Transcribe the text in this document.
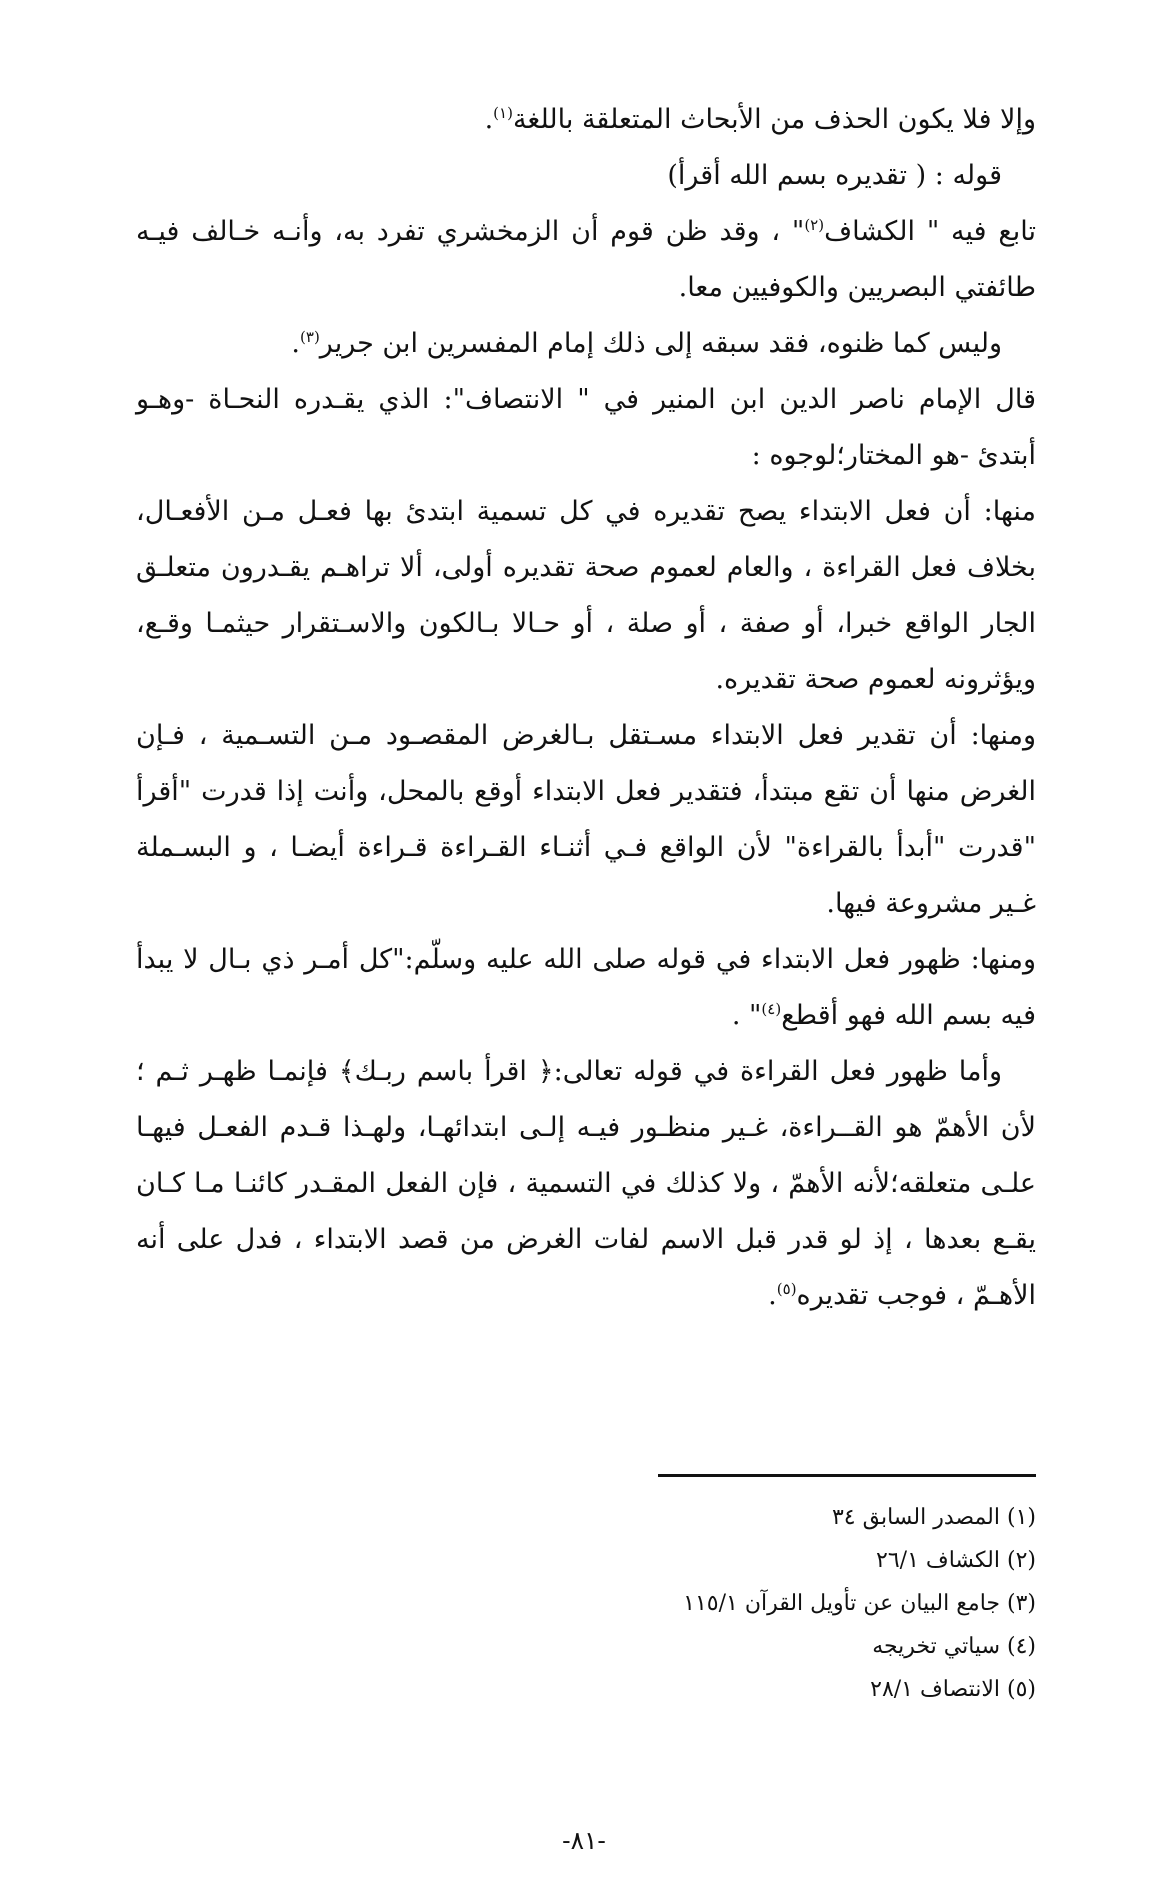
وإلا فلا يكون الحذف من الأبحاث المتعلقة باللغة$^{(١)}$.

قوله : ( تقديره بسم الله أقرأ)

تابع فيه " الكشاف$^{(٢)}$" ، وقد ظن قوم أن الزمخشري تفرد به، وأنـه خـالف فيـه طائفتي البصريين والكوفيين معا.

وليس كما ظنوه، فقد سبقه إلى ذلك إمام المفسرين ابن جرير$^{(٣)}$.

قال الإمام ناصر الدين ابن المنير في " الانتصاف": الذي يقـدره النحـاة -وهـو أبتدئ -هو المختار؛لوجوه :

منها: أن فعل الابتداء يصح تقديره في كل تسمية ابتدئ بها فعـل مـن الأفعـال، بخلاف فعل القراءة ، والعام لعموم صحة تقديره أولى، ألا تراهـم يقـدرون متعلـق الجار الواقع خبرا، أو صفة ، أو صلة ، أو حـالا بـالكون والاسـتقرار حيثمـا وقـع، ويؤثرونه لعموم صحة تقديره.

ومنها: أن تقدير فعل الابتداء مسـتقل بـالغرض المقصـود مـن التسـمية ، فـإن الغرض منها أن تقع مبتدأ، فتقدير فعل الابتداء أوقع بالمحل، وأنت إذا قدرت "أقرأ "قدرت "أبدأ بالقراءة" لأن الواقع فـي أثنـاء القـراءة قـراءة أيضـا ، و البسـملة غـير مشروعة فيها.

ومنها: ظهور فعل الابتداء في قوله صلى الله عليه وسلّم:"كل أمـر ذي بـال لا يبدأ فيه بسم الله فهو أقطع$^{(٤)}$" .

وأما ظهور فعل القراءة في قوله تعالى:﴿ اقرأ باسم ربـك﴾ فإنمـا ظهـر ثـم ؛لأن الأهمّ هو القــراءة، غـير منظـور فيـه إلـى ابتدائهـا، ولهـذا قـدم الفعـل فيهـا علـى متعلقه؛لأنه الأهمّ ، ولا كذلك في التسمية ، فإن الفعل المقـدر كائنـا مـا كـان يقـع بعدها ، إذ لو قدر قبل الاسم لفات الغرض من قصد الابتداء ، فدل على أنه الأهـمّ ، فوجب تقديره$^{(٥)}$.

(١) المصدر السابق ٣٤
(٢) الكشاف ٢٦/١
(٣) جامع البيان عن تأويل القرآن ١١٥/١
(٤) سياتي تخريجه
(٥) الانتصاف ٢٨/١
-٨١-
